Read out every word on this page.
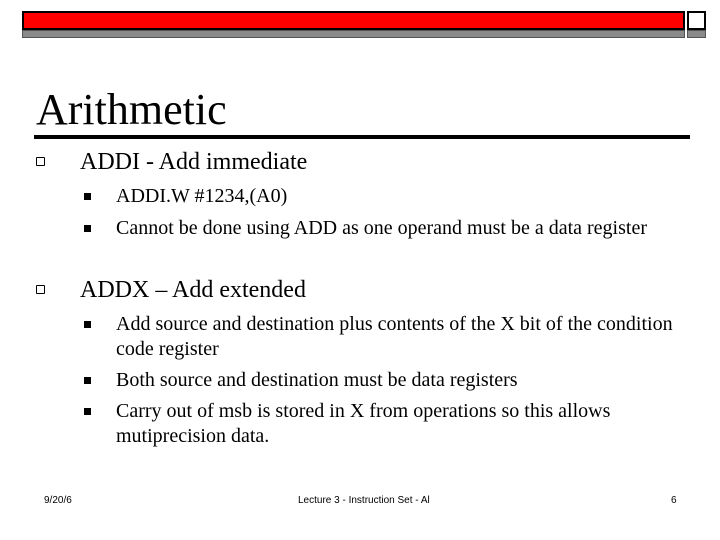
Arithmetic
ADDI - Add immediate
ADDI.W #1234,(A0)
Cannot be done using ADD as one operand must be a data register
ADDX – Add extended
Add source and destination plus contents of the X bit of the condition code register
Both source and destination must be data registers
Carry out of msb is stored in X from operations so this allows mutiprecision data.
9/20/6	Lecture 3 - Instruction Set - Al	6
